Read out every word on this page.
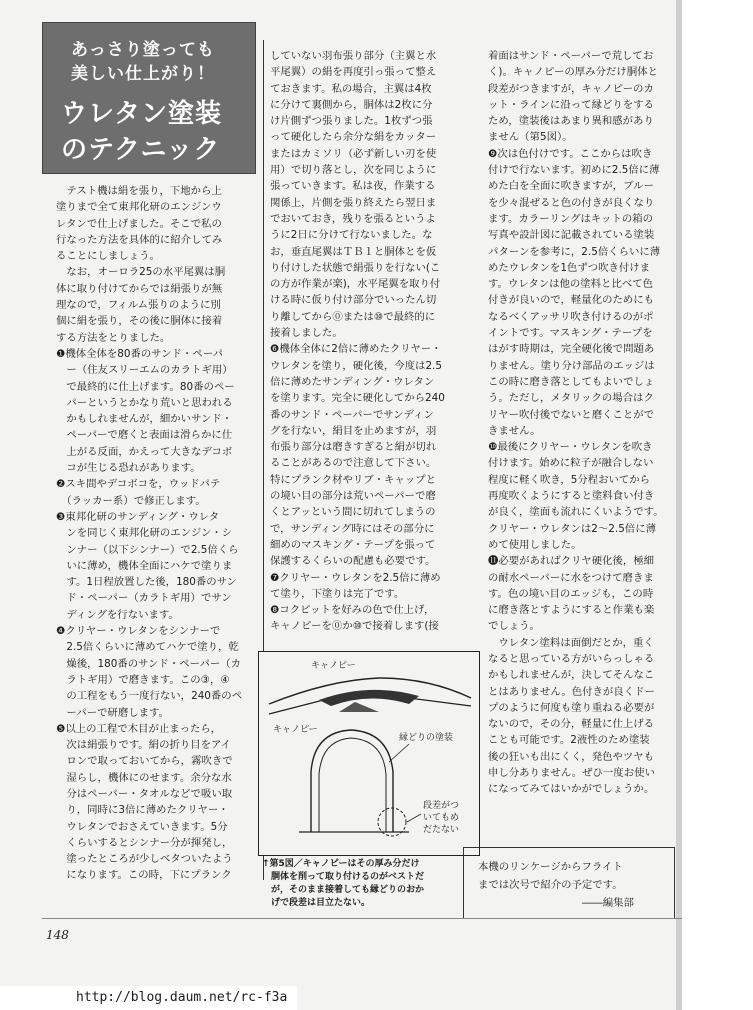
あっさり塗っても
美しい仕上がり！
ウレタン塗装
のテクニック
　テスト機は絹を張り，下地から上
塗りまで全て東邦化研のエンジンウ
レタンで仕上げました。そこで私の
行なった方法を具体的に紹介してみ
ることにしましょう。
　なお，オーロラ25の水平尾翼は胴
体に取り付けてからでは絹張りが無
理なので，フィルム張りのように別
個に絹を張り，その後に胴体に接着
する方法をとりました。
❶機体全体を80番のサンド・ペーパ
　ー（住友スリーエムのカラトギ用）
　で最終的に仕上げます。80番のペー
　パーというとかなり荒いと思われる
　かもしれませんが，細かいサンド・
　ペーパーで磨くと表面は滑らかに仕
　上がる反面，かえって大きなデコボ
　コが生じる恐れがあります。
❷スキ間やデコボコを，ウッドパテ
　（ラッカー系）で修正します。
❸東邦化研のサンディング・ウレタ
　ンを同じく東邦化研のエンジン・シ
　ンナー（以下シンナー）で2.5倍くら
　いに薄め，機体全面にハケで塗りま
　す。1日程放置した後，180番のサン
　ド・ペーパー（カラトギ用）でサン
　ディングを行ないます。
❹クリヤー・ウレタンをシンナーで
　2.5倍くらいに薄めてハケで塗り，乾
　燥後，180番のサンド・ペーパー（カ
　ラトギ用）で磨きます。この③，④
　の工程をもう一度行ない，240番のペ
　ーパーで研磨します。
❺以上の工程で木目が止まったら，
　次は絹張りです。絹の折り目をアイ
　ロンで取っておいてから，霧吹きで
　湿らし，機体にのせます。余分な水
　分はペーパー・タオルなどで吸い取
　り，同時に3倍に薄めたクリヤー・
　ウレタンでおさえていきます。5分
　くらいするとシンナー分が揮発し，
　塗ったところが少しベタついたよう
　になります。この時，下にプランク
していない羽布張り部分（主翼と水
平尾翼）の絹を再度引っ張って整え
ておきます。私の場合，主翼は4枚
に分けて裏側から，胴体は2枚に分
け片側ずつ張りました。1枚ずつ張
って硬化したら余分な絹をカッター
またはカミソリ（必ず新しい刃を使
用）で切り落とし，次を同じように
張っていきます。私は夜，作業する
関係上，片側を張り終えたら翌日ま
でおいておき，残りを張るというよ
うに2日に分けて行ないました。な
お，垂直尾翼はＴＢ１と胴体とを仮
り付けした状態で絹張りを行ない(こ
の方が作業が楽)，水平尾翼を取り付
ける時に仮り付け部分でいったん切
り離してから⓪または⑩で最終的に
接着しました。
❻機体全体に2倍に薄めたクリヤー・
ウレタンを塗り，硬化後，今度は2.5
倍に薄めたサンディング・ウレタン
を塗ります。完全に硬化してから240
番のサンド・ペーパーでサンディン
グを行ない，絹目を止めますが，羽
布張り部分は磨きすぎると絹が切れ
ることがあるので注意して下さい。
特にプランク材やリブ・キャップと
の境い目の部分は荒いペーパーで磨
くとアッという間に切れてしまうの
で，サンディング時にはその部分に
細めのマスキング・テープを張って
保護するくらいの配慮も必要です。
❼クリヤー・ウレタンを2.5倍に薄め
て塗り，下塗りは完了です。
❽コクピットを好みの色で仕上げ，
キャノピーを⓪か⑩で接着します(接
着面はサンド・ペーパーで荒してお
く)。キャノピーの厚み分だけ胴体と
段差がつきますが，キャノピーのカ
ット・ラインに沿って縁どりをする
ため，塗装後はあまり異和感があり
ません（第5図）。
❾次は色付けです。ここからは吹き
付けで行ないます。初めに2.5倍に薄
めた白を全面に吹きますが，ブルー
を少々混ぜると色の付きが良くなり
ます。カラーリングはキットの箱の
写真や設計図に記載されている塗装
パターンを参考に，2.5倍くらいに薄
めたウレタンを1色ずつ吹き付けま
す。ウレタンは他の塗料と比べて色
付きが良いので，軽量化のためにも
なるべくアッサリ吹き付けるのがポ
イントです。マスキング・テープを
はがす時期は，完全硬化後で問題あ
りません。塗り分け部品のエッジは
この時に磨き落としてもよいでしょ
う。ただし，メタリックの場合はク
リヤー吹付後でないと磨くことがで
きません。
❿最後にクリヤー・ウレタンを吹き
付けます。始めに粒子が融合しない
程度に軽く吹き，5分程おいてから
再度吹くようにすると塗料食い付き
が良く，塗面も流れにくいようです。
クリヤー・ウレタンは2～2.5倍に薄
めて使用しました。
⓫必要があればクリヤ硬化後，極細
の耐水ペーパーに水をつけて磨きま
す。色の境い目のエッジも，この時
に磨き落とすようにすると作業も楽
でしょう。
　ウレタン塗料は面倒だとか，重く
なると思っている方がいらっしゃる
かもしれませんが，決してそんなこ
とはありません。色付きが良くドー
プのように何度も塗り重ねる必要が
ないので，その分，軽量に仕上げる
ことも可能です。2液性のため塗装
後の狂いも出にくく，発色やツヤも
申し分ありません。ぜひ一度お使い
になってみてはいかがでしょうか。
キャノピー
キャノピー
縁どりの塗装
段差がつ
いてもめ
だたない
↑第5図／キャノピーはその厚み分だけ
　胴体を削って取り付けるのがベストだ
　が，そのまま接着しても縁どりのおか
　げで段差は目立たない。
本機のリンケージからフライト
までは次号で紹介の予定です。
――編集部
148
http://blog.daum.net/rc-f3a
